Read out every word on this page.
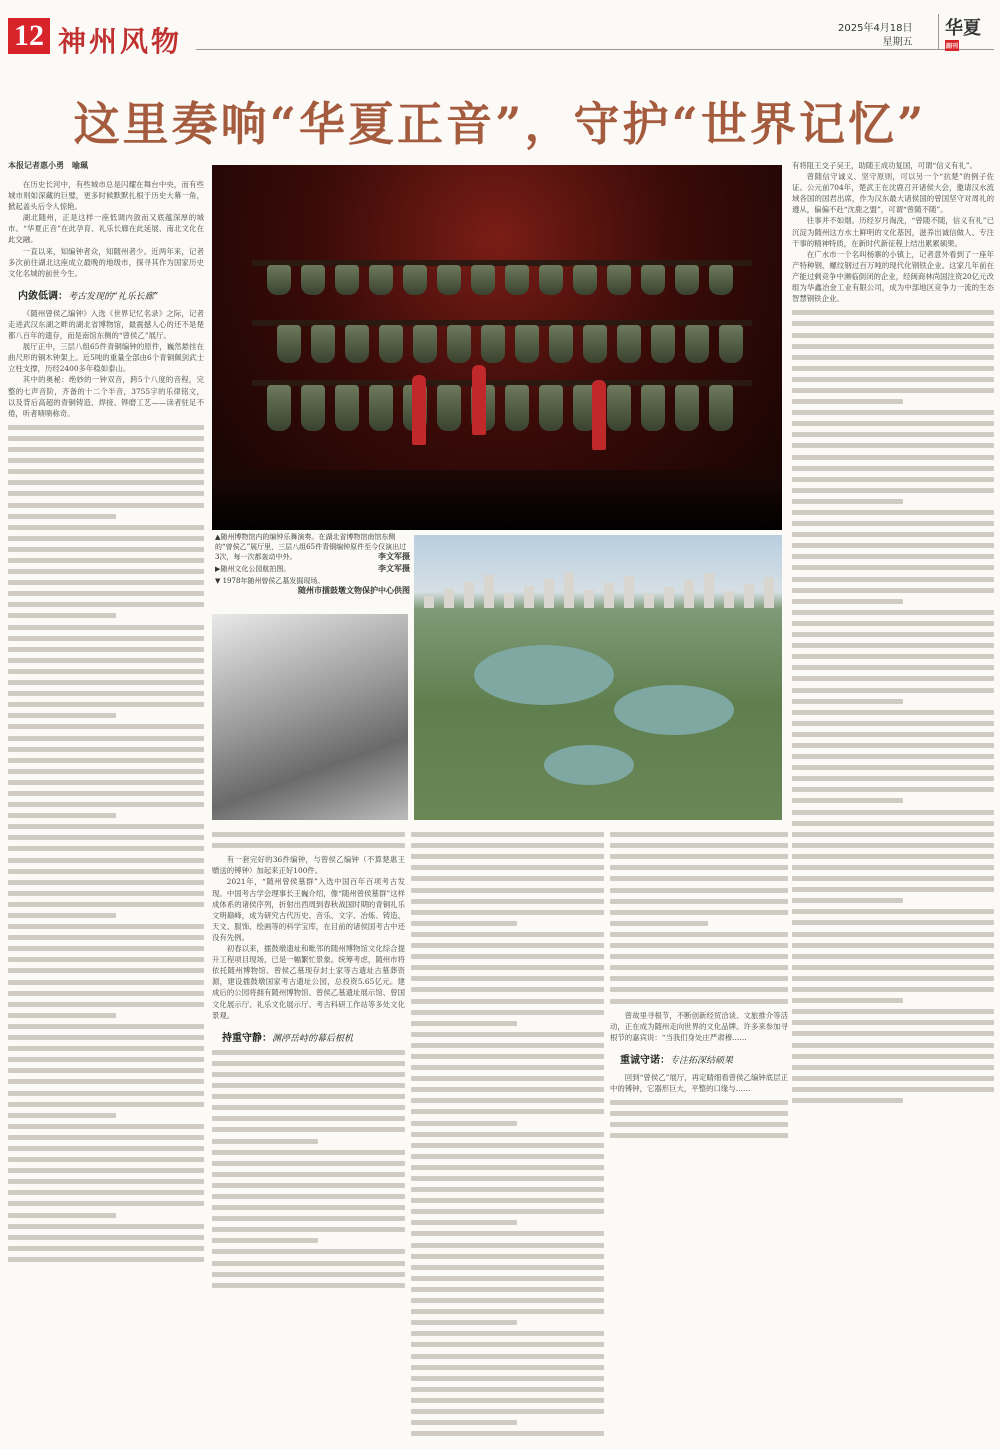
12 神州风物	2025年4月18日
星期五
华夏 副刊
这里奏响“华夏正音”，守护“世界记忆”
本报记者惠小勇　喻珮

在历史长河中，有些城市总是闪耀在舞台中央，而有些城市则如深藏的巨璧，更多时候默默扎根于历史大幕一角，掀起盖头后令人惊艳。

湖北随州，正是这样一座低调内敛而又底蕴深厚的城市。“华夏正音”在此孕育、礼乐长廊在此延展、南北文化在此交融。

一直以来，知编钟者众，知随州者少。近两年来，记者多次前往湖北这座成立最晚的地级市，探寻其作为国家历史文化名城的前世今生。

内敛低调：考古发现的“礼乐长廊”

《随州曾侯乙编钟》入选《世界记忆名录》之际，记者走进武汉东湖之畔的湖北省博物馆，最震撼人心的还不是楚都八百年的遗存，而是南馆东侧的“曾侯乙”展厅。

展厅正中，三层八组65件青铜编钟的原件，巍然悬挂在曲尺形的铜木钟架上。近5吨的重量全部由6个青铜佩剑武士立柱支撑，历经2400多年稳如泰山。

其中的奥秘：绝妙的一钟双音，跨5个八度的音程，完整的七声音阶，齐备的十二个半音，3755字的乐律铭文，以及背后高超的青铜铸造、焊接、铧磨工艺——读者驻足不倦，听者啧啧称奇。

▲随州博物馆内的编钟乐舞演奏。在湖北省博物馆南馆东侧的“曾侯乙”展厅里，三层八组65件青铜编钟原件至今仅演出过3次，每一次都轰动中外。	李文军摄
▶随州文化公园航拍图。	李文军摄
▼ 1978年随州曾侯乙墓发掘现场。
随州市擂鼓墩文物保护中心供图

有一套完好的36件编钟，与曾侯乙编钟（不算楚惠王赠送的镈钟）加起来正好100件。

2021年，“随州曾侯墓群”入选中国百年百项考古发现。中国考古学会理事长王巍介绍，像“随州曾侯墓群”这样成体系的诸侯序列，折射出西周到春秋战国时期的青铜礼乐文明巅峰，成为研究古代历史、音乐、文字、冶炼、铸造、天文、服饰、绘画等的科学宝库，在目前的诸侯国考古中还没有先例。

初春以来，擂鼓墩遗址和毗邻的随州博物馆文化综合提升工程项目现场，已是一幅繁忙景象。统筹考虑，随州市将依托随州博物馆、曾侯乙墓现存封土家等古遗址古墓葬资源，建设擂鼓墩国家考古遗址公园，总投资5.65亿元。建成后的公园将拥有随州博物馆、曾侯乙墓遗址展示馆、曾国文化展示厅、礼乐文化展示厅、考古科研工作站等多处文化景观。

持重守静：渊渟岳峙的幕后根机

曾故里寻根节，不断创新经贸洽谈、文旅推介等活动，正在成为随州走向世界的文化品牌。许多来参加寻根节的嘉宾说：“当我们身处庄严肃穆……

重诚守诺：专注拓深结硕果

回到“曾侯乙”展厅，再定睛细看曾侯乙编钟底层正中的镈钟，它器形巨大，平整的口缘与……

有将阻王交子吴王，助随王成功复国，可谓“信义有礼”。

曾随信守诚义、坚守原则，可以另一个“抗楚”的例子佐证。公元前704年，楚武王在沈鹿召开诸侯大会，邀请汉水流域各国的国君出席，作为汉东最大诸侯国的曾国坚守对周礼的遵从，偏偏不赴“沈鹿之盟”，可谓“曾随不随”。

往事并不如烟。历经岁月淘洗，“曾随不随，信义有礼”已沉淀为随州这方水土鲜明的文化基因，滋养出诚信做人、专注干事的精神特质，在新时代新征程上结出累累硕果。

在广水市一个名叫杨寨的小镇上，记者意外看到了一座年产特种钢、螺纹钢过百万吨的现代化钢铁企业。这家几年前在产能过剩竞争中濒临倒闭的企业，经闽商林尚国注资20亿元改组为华鑫冶金工业有限公司，成为中部地区竞争力一流的生态智慧钢铁企业。
